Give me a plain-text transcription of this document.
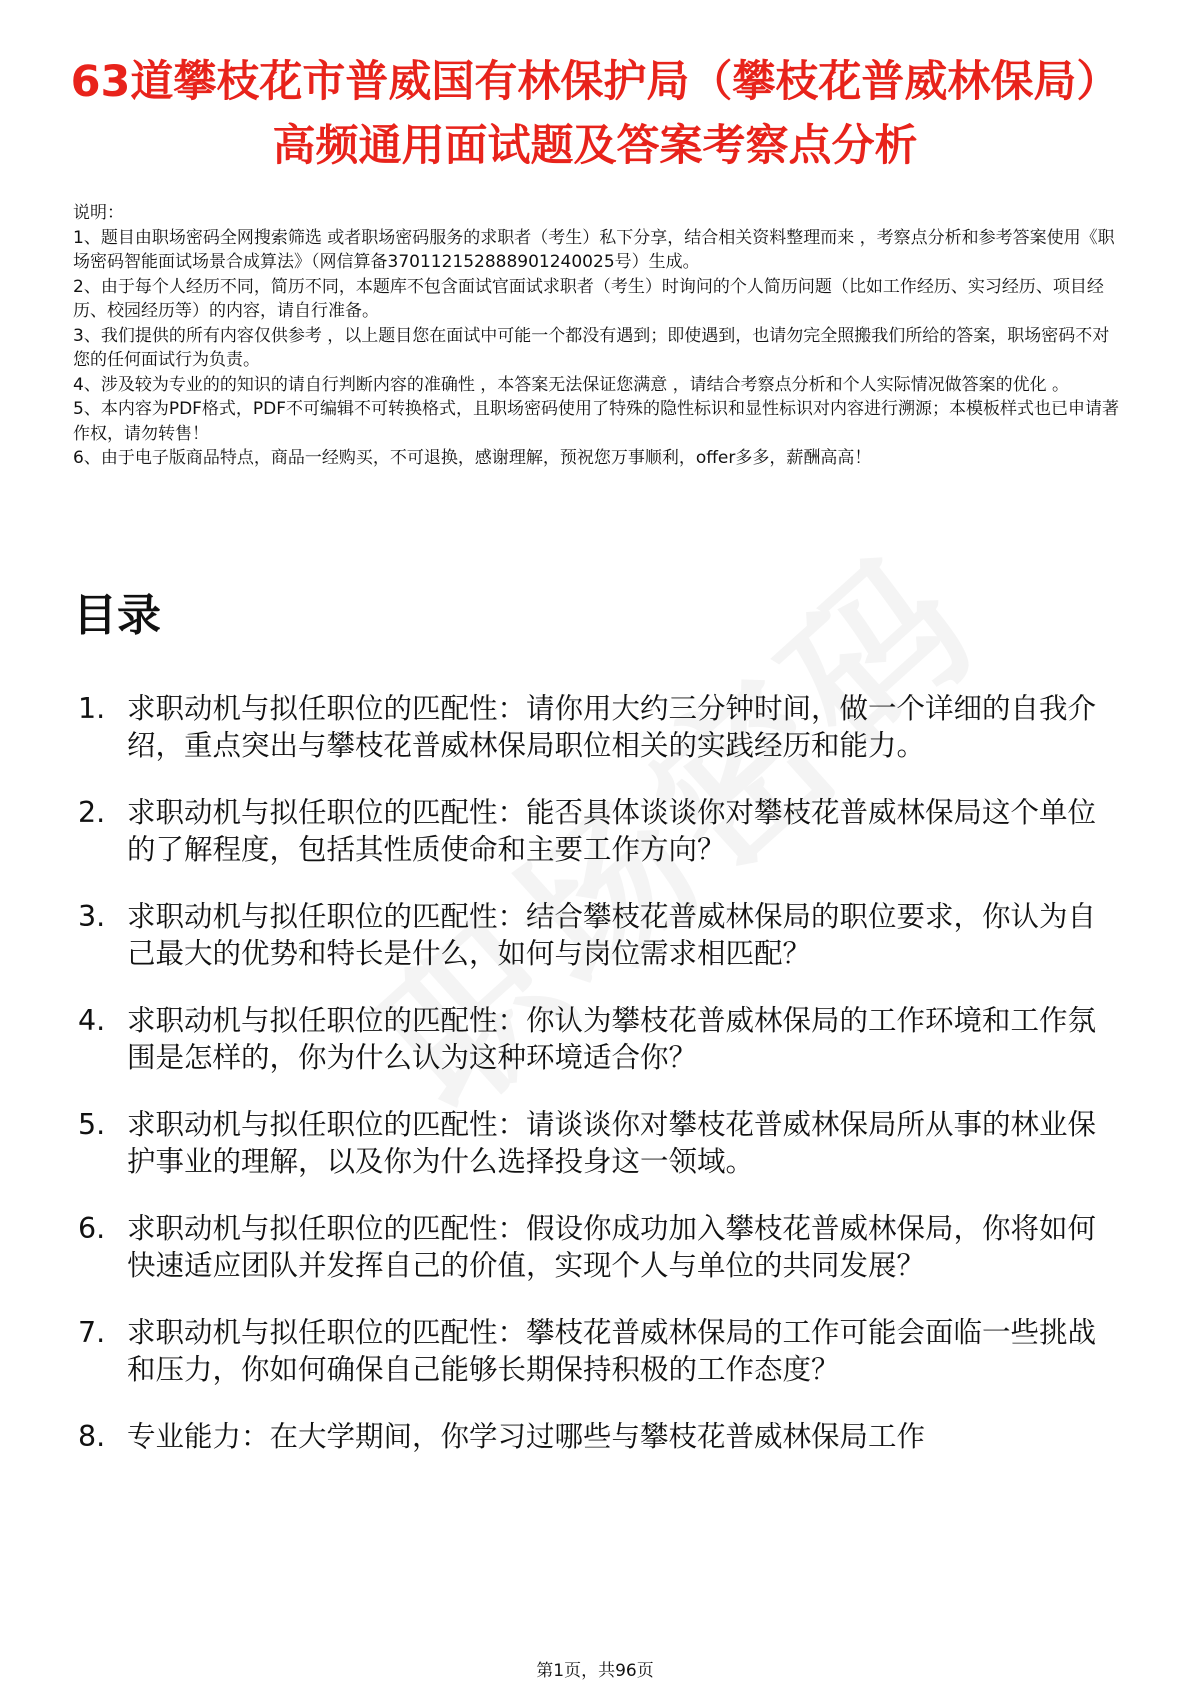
63道攀枝花市普威国有林保护局（攀枝花普威林保局）高频通用面试题及答案考察点分析

说明：

1、题目由职场密码全网搜索筛选 或者职场密码服务的求职者（考生）私下分享，结合相关资料整理而来 ，考察点分析和参考答案使用《职场密码智能面试场景合成算法》（网信算备370112152888901240025号）生成。

2、由于每个人经历不同，简历不同，本题库不包含面试官面试求职者（考生）时询问的个人简历问题（比如工作经历、实习经历、项目经历、校园经历等）的内容，请自行准备。

3、我们提供的所有内容仅供参考 ，以上题目您在面试中可能一个都没有遇到；即使遇到，也请勿完全照搬我们所给的答案，职场密码不对您的任何面试行为负责。

4、涉及较为专业的的知识的请自行判断内容的准确性 ，本答案无法保证您满意 ，请结合考察点分析和个人实际情况做答案的优化 。

5、本内容为PDF格式，PDF不可编辑不可转换格式，且职场密码使用了特殊的隐性标识和显性标识对内容进行溯源；本模板样式也已申请著作权，请勿转售！

6、由于电子版商品特点，商品一经购买，不可退换，感谢理解，预祝您万事顺利，offer多多，薪酬高高！

目录
1. 求职动机与拟任职位的匹配性：请你用大约三分钟时间，做一个详细的自我介绍，重点突出与攀枝花普威林保局职位相关的实践经历和能力。
2. 求职动机与拟任职位的匹配性：能否具体谈谈你对攀枝花普威林保局这个单位的了解程度，包括其性质使命和主要工作方向？
3. 求职动机与拟任职位的匹配性：结合攀枝花普威林保局的职位要求，你认为自己最大的优势和特长是什么，如何与岗位需求相匹配？
4. 求职动机与拟任职位的匹配性：你认为攀枝花普威林保局的工作环境和工作氛围是怎样的，你为什么认为这种环境适合你？
5. 求职动机与拟任职位的匹配性：请谈谈你对攀枝花普威林保局所从事的林业保护事业的理解，以及你为什么选择投身这一领域。
6. 求职动机与拟任职位的匹配性：假设你成功加入攀枝花普威林保局，你将如何快速适应团队并发挥自己的价值，实现个人与单位的共同发展？
7. 求职动机与拟任职位的匹配性：攀枝花普威林保局的工作可能会面临一些挑战和压力，你如何确保自己能够长期保持积极的工作态度？
8. 专业能力：在大学期间，你学习过哪些与攀枝花普威林保局工作
第1页，共96页
